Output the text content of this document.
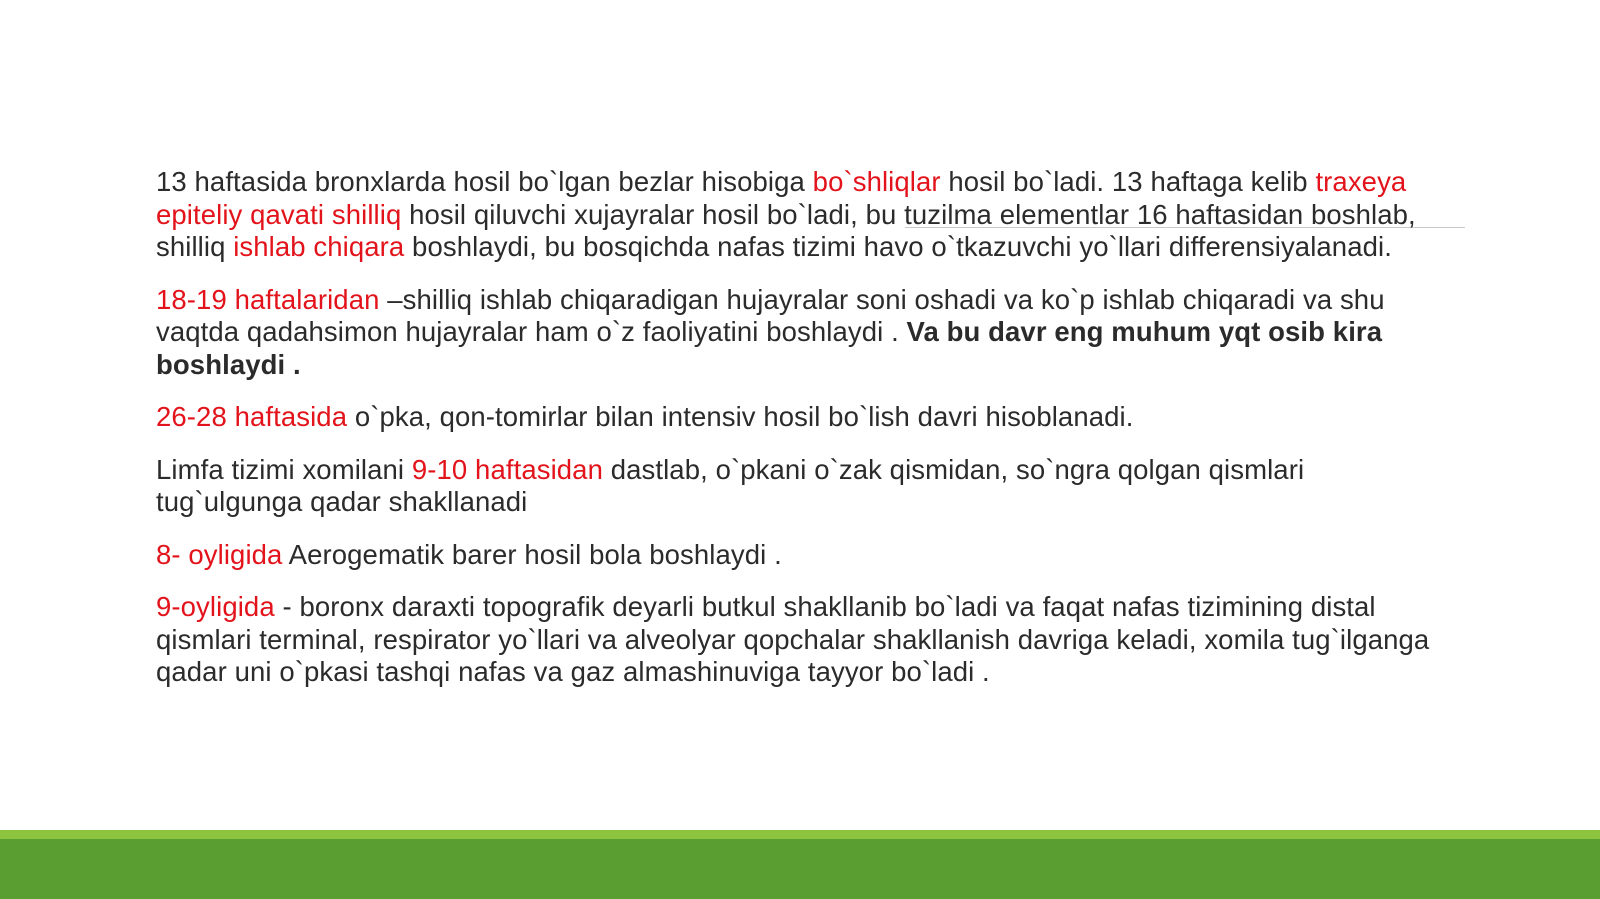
13 haftasida bronxlarda hosil bo`lgan bezlar hisobiga bo`shliqlar hosil bo`ladi. 13 haftaga kelib traxeya epiteliy qavati shilliq hosil qiluvchi xujayralar hosil bo`ladi, bu tuzilma elementlar 16 haftasidan boshlab, shilliq ishlab chiqara boshlaydi, bu bosqichda nafas tizimi havo o`tkazuvchi yo`llari differensiyalanadi.

18-19 haftalaridan –shilliq ishlab chiqaradigan hujayralar soni oshadi va ko`p ishlab chiqaradi va shu vaqtda qadahsimon hujayralar ham o`z faoliyatini boshlaydi . Va bu davr eng muhum yqt osib kira boshlaydi .

26-28 haftasida o`pka, qon-tomirlar bilan intensiv hosil bo`lish davri hisoblanadi.

Limfa tizimi xomilani 9-10 haftasidan dastlab, o`pkani o`zak qismidan, so`ngra qolgan qismlari tug`ulgunga qadar shakllanadi

8- oyligida Aerogematik barer hosil bola boshlaydi .

9-oyligida - boronx daraxti topografik deyarli butkul shakllanib bo`ladi va faqat nafas tizimining distal qismlari terminal, respirator yo`llari va alveolyar qopchalar shakllanish davriga keladi, xomila tug`ilganga qadar uni o`pkasi tashqi nafas va gaz almashinuviga tayyor bo`ladi .
